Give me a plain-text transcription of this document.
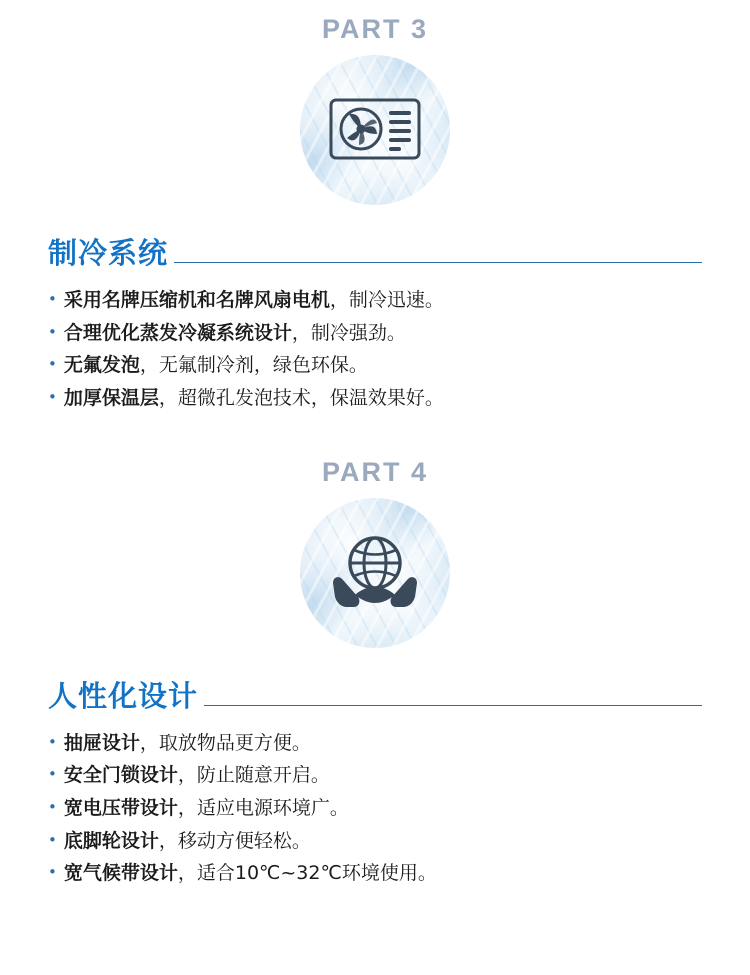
PART 3
制冷系统
• 采用名牌压缩机和名牌风扇电机，制冷迅速。
• 合理优化蒸发冷凝系统设计，制冷强劲。
• 无氟发泡，无氟制冷剂，绿色环保。
• 加厚保温层，超微孔发泡技术，保温效果好。
PART 4
人性化设计
• 抽屉设计，取放物品更方便。
• 安全门锁设计，防止随意开启。
• 宽电压带设计，适应电源环境广。
• 底脚轮设计，移动方便轻松。
• 宽气候带设计，适合10℃~32℃环境使用。
